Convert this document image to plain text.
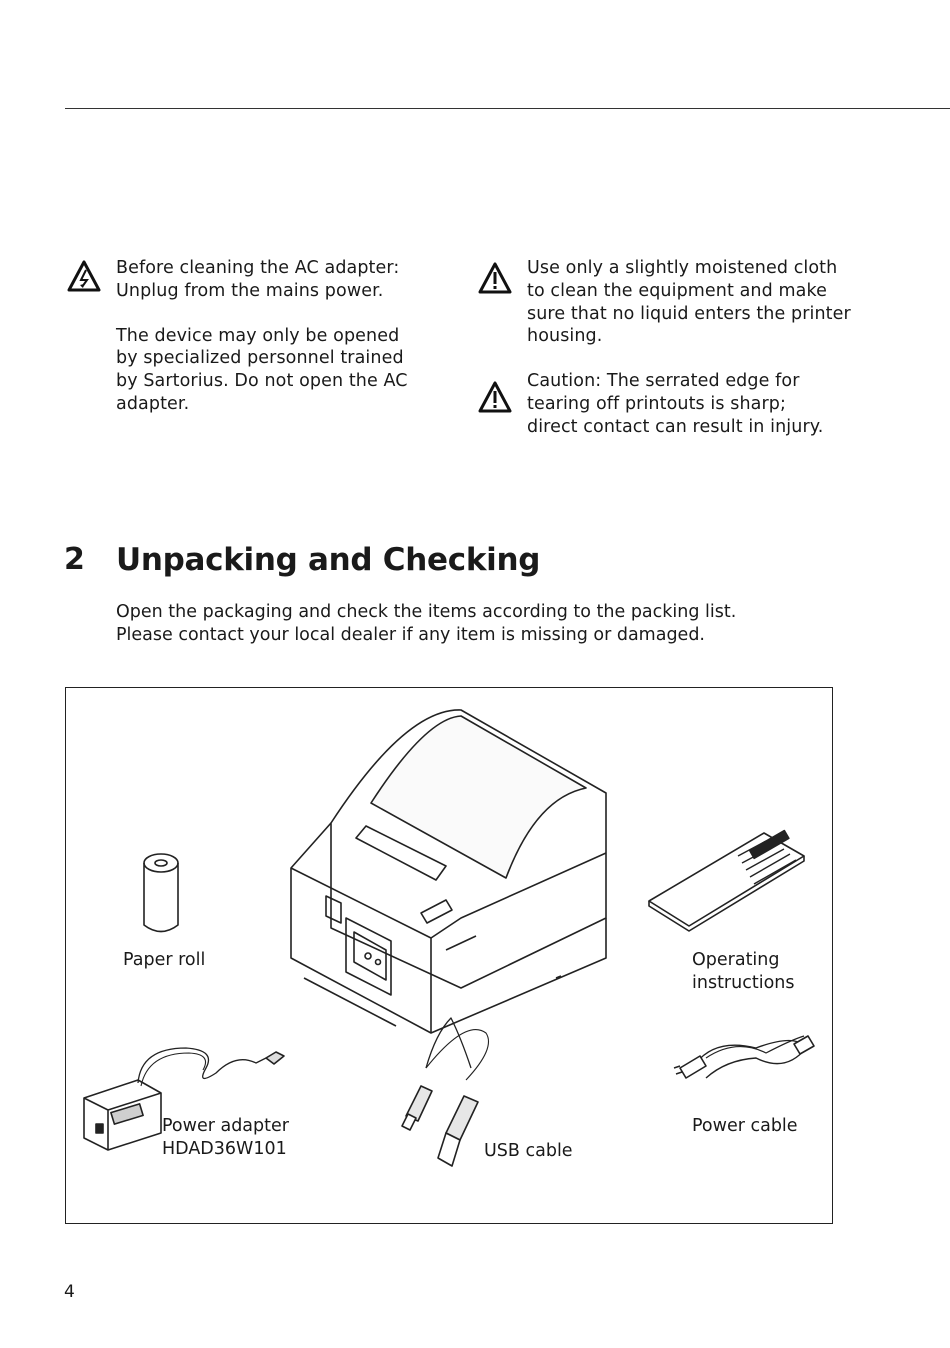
Before cleaning the AC adapter:

Unplug from the mains power.

The device may only be opened

by specialized personnel trained

by Sartorius. Do not open the AC

adapter.

Use only a slightly moistened cloth

to clean the equipment and make

sure that no liquid enters the printer

housing.

Caution: The serrated edge for

tearing off printouts is sharp;

direct contact can result in injury.

2 Unpacking and Checking

Open the packaging and check the items according to the packing list.

Please contact your local dealer if any item is missing or damaged.

Paper roll	Operating
instructions
Power adapter
HDAD36W101	USB cable
Power cable
4
